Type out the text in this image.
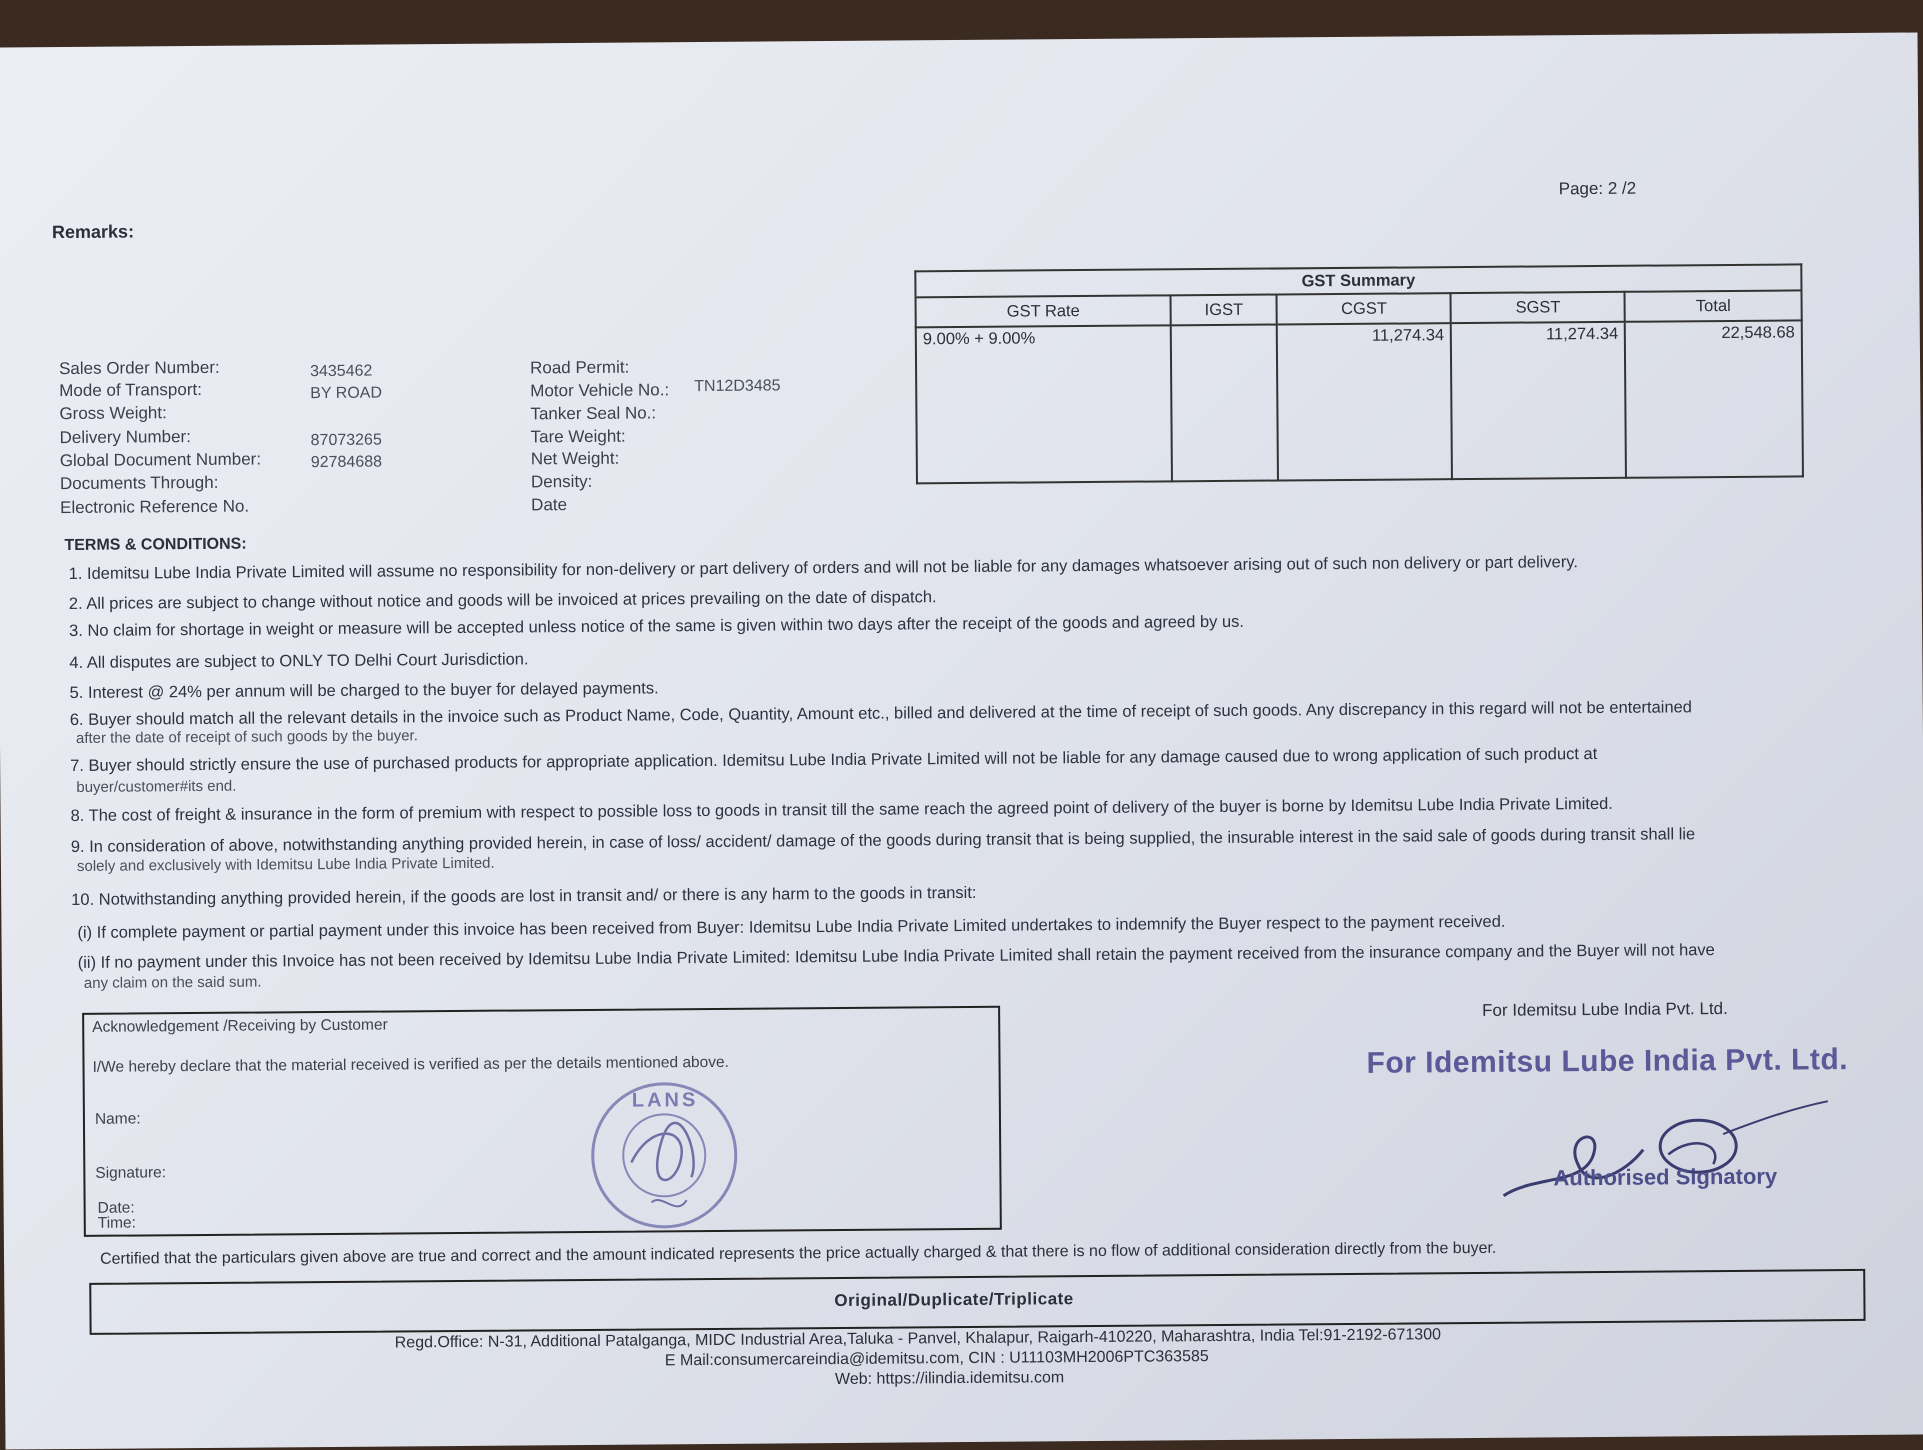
Page: 2 /2
Remarks:
Sales Order Number:	3435462
Mode of Transport:	BY ROAD
Gross Weight:
Delivery Number:	87073265
Global Document Number:	92784688
Documents Through:
Electronic Reference No.
Road Permit:
Motor Vehicle No.: TN12D3485
Tanker Seal No.:
Tare Weight:
Net Weight:
Density:
Date
GST Summary
GST Rate	IGST	CGST	SGST	Total
9.00% + 9.00%		11,274.34	11,274.34	22,548.68
TERMS & CONDITIONS:
1. Idemitsu Lube India Private Limited will assume no responsibility for non-delivery or part delivery of orders and will not be liable for any damages whatsoever arising out of such non delivery or part delivery.
2. All prices are subject to change without notice and goods will be invoiced at prices prevailing on the date of dispatch.
3. No claim for shortage in weight or measure will be accepted unless notice of the same is given within two days after the receipt of the goods and agreed by us.
4. All disputes are subject to ONLY TO Delhi Court Jurisdiction.
5. Interest @ 24% per annum will be charged to the buyer for delayed payments.
6. Buyer should match all the relevant details in the invoice such as Product Name, Code, Quantity, Amount etc., billed and delivered at the time of receipt of such goods. Any discrepancy in this regard will not be entertained
after the date of receipt of such goods by the buyer.
7. Buyer should strictly ensure the use of purchased products for appropriate application. Idemitsu Lube India Private Limited will not be liable for any damage caused due to wrong application of such product at
buyer/customer#its end.
8. The cost of freight & insurance in the form of premium with respect to possible loss to goods in transit till the same reach the agreed point of delivery of the buyer is borne by Idemitsu Lube India Private Limited.
9. In consideration of above, notwithstanding anything provided herein, in case of loss/ accident/ damage of the goods during transit that is being supplied, the insurable interest in the said sale of goods during transit shall lie
solely and exclusively with Idemitsu Lube India Private Limited.
10. Notwithstanding anything provided herein, if the goods are lost in transit and/ or there is any harm to the goods in transit:
(i) If complete payment or partial payment under this invoice has been received from Buyer: Idemitsu Lube India Private Limited undertakes to indemnify the Buyer respect to the payment received.
(ii) If no payment under this Invoice has not been received by Idemitsu Lube India Private Limited: Idemitsu Lube India Private Limited shall retain the payment received from the insurance company and the Buyer will not have
any claim on the said sum.
Acknowledgement /Receiving by Customer
I/We hereby declare that the material received is verified as per the details mentioned above.
Name:
Signature:
Date:
Time:
LANS
For Idemitsu Lube India Pvt. Ltd.
For Idemitsu Lube India Pvt. Ltd.
Authorised Signatory
Certified that the particulars given above are true and correct and the amount indicated represents the price actually charged & that there is no flow of additional consideration directly from the buyer.
Original/Duplicate/Triplicate
Regd.Office: N-31, Additional Patalganga, MIDC Industrial Area,Taluka - Panvel, Khalapur, Raigarh-410220, Maharashtra, India Tel:91-2192-671300
E Mail:consumercareindia@idemitsu.com, CIN : U11103MH2006PTC363585
Web: https://ilindia.idemitsu.com
